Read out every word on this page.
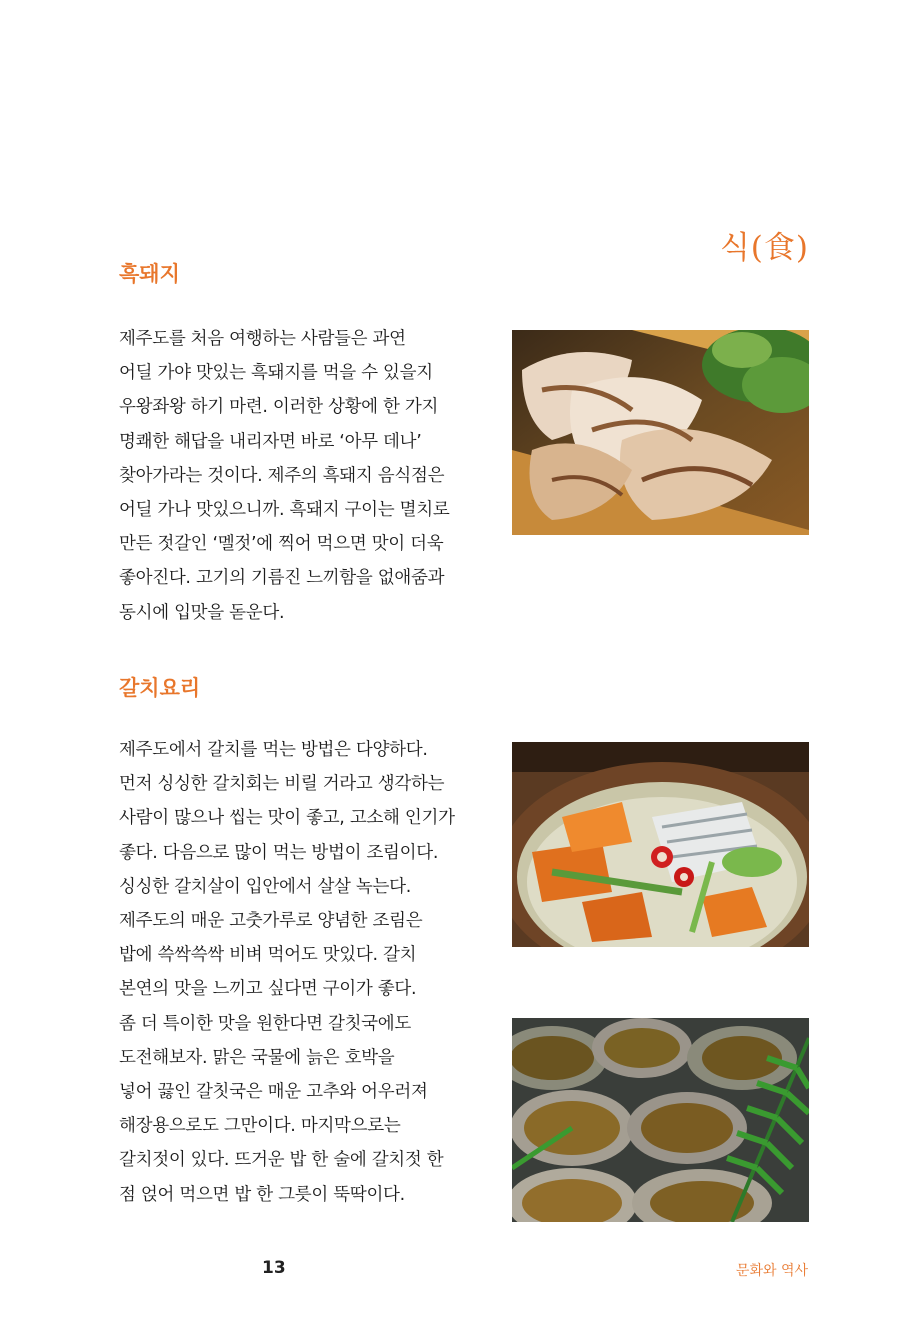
식(食)
흑돼지
제주도를 처음 여행하는 사람들은 과연
어딜 가야 맛있는 흑돼지를 먹을 수 있을지
우왕좌왕 하기 마련. 이러한 상황에 한 가지
명쾌한 해답을 내리자면 바로 ‘아무 데나’
찾아가라는 것이다. 제주의 흑돼지 음식점은
어딜 가나 맛있으니까. 흑돼지 구이는 멸치로
만든 젓갈인 ‘멜젓’에 찍어 먹으면 맛이 더욱
좋아진다. 고기의 기름진 느끼함을 없애줌과
동시에 입맛을 돋운다.
갈치요리
제주도에서 갈치를 먹는 방법은 다양하다.
먼저 싱싱한 갈치회는 비릴 거라고 생각하는
사람이 많으나 씹는 맛이 좋고, 고소해 인기가
좋다. 다음으로 많이 먹는 방법이 조림이다.
싱싱한 갈치살이 입안에서 살살 녹는다.
제주도의 매운 고춧가루로 양념한 조림은
밥에 쓱싹쓱싹 비벼 먹어도 맛있다. 갈치
본연의 맛을 느끼고 싶다면 구이가 좋다.
좀 더 특이한 맛을 원한다면 갈칫국에도
도전해보자. 맑은 국물에 늙은 호박을
넣어 끓인 갈칫국은 매운 고추와 어우러져
해장용으로도 그만이다. 마지막으로는
갈치젓이 있다. 뜨거운 밥 한 술에 갈치젓 한
점 얹어 먹으면 밥 한 그릇이 뚝딱이다.
13	문화와 역사
